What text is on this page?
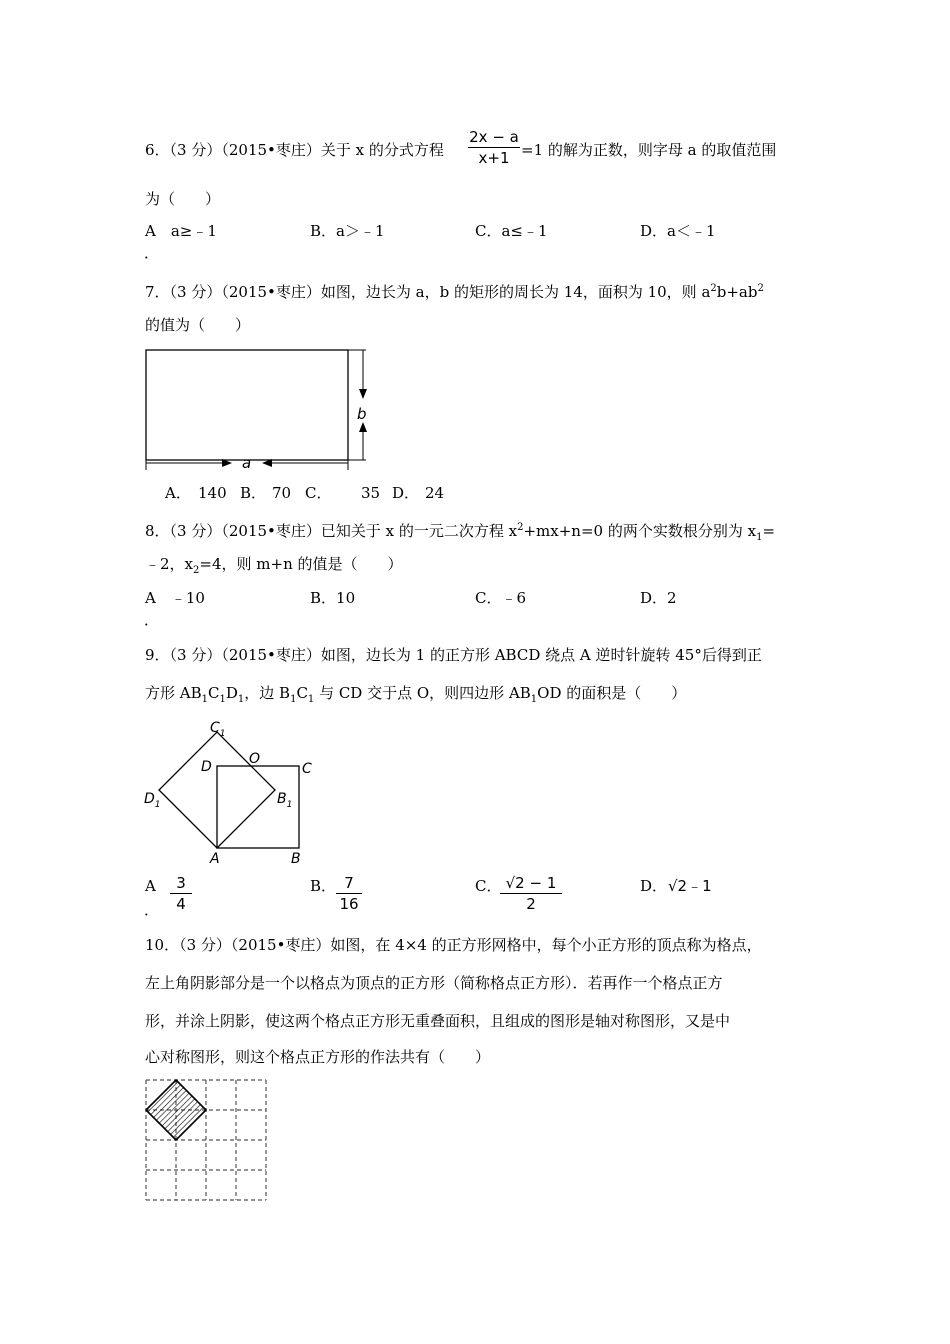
6．（3 分）（2015•枣庄）关于 x 的分式方程
2x − a
x+1 =1 的解为正数，则字母 a 的取值范围
为（　　）
A　a≥﹣1	B．a＞﹣1	C．a≤﹣1	D．a＜﹣1
．
7．（3 分）（2015•枣庄）如图，边长为 a，b 的矩形的周长为 14，面积为 10，则 $a^2b+ab^2$
的值为（　　）
b
a
A． 140 B． 70 C． 35 D． 24
8．（3 分）（2015•枣庄）已知关于 x 的一元二次方程 $x^2+mx+n=0$ 的两个实数根分别为 $x_1=$
﹣2，$x_2=4$，则 m+n 的值是（　　）
A　﹣10	B．10	C．﹣6	D．2
．
9．（3 分）（2015•枣庄）如图，边长为 1 的正方形 ABCD 绕点 A 逆时针旋转 45°后得到正
方形 $AB_1C_1D_1$，边 $B_1C_1$ 与 CD 交于点 O，则四边形 $AB_1OD$ 的面积是（　　）
$C_1$
D	O
C
$D_1$	$B_1$
A	B
A	3
4
．
B． 7
16
C． √2 − 1
2
D． √2﹣1
10．（3 分）（2015•枣庄）如图，在 4×4 的正方形网格中，每个小正方形的顶点称为格点，
左上角阴影部分是一个以格点为顶点的正方形（简称格点正方形）．若再作一个格点正方
形，并涂上阴影，使这两个格点正方形无重叠面积，且组成的图形是轴对称图形，又是中
心对称图形，则这个格点正方形的作法共有（　　）
